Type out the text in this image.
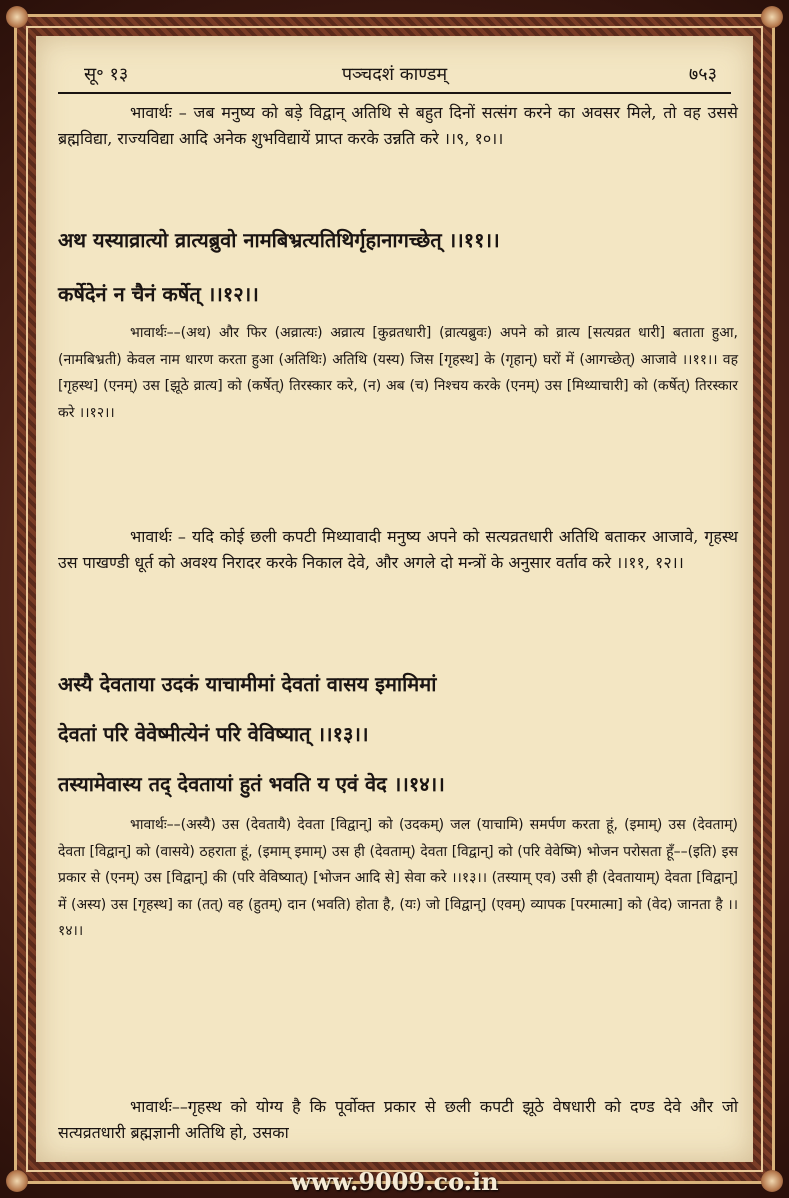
सू॰ १३	पञ्चदशं काण्डम्	७५३
भावार्थः – जब मनुष्य को बड़े विद्वान् अतिथि से बहुत दिनों सत्संग करने का अवसर मिले, तो वह उससे ब्रह्मविद्या, राज्यविद्या आदि अनेक शुभविद्यायें प्राप्त करके उन्नति करे ।।९, १०।।
अथ यस्याव्रात्यो व्रात्यब्रुवो नामबिभ्रत्यतिथिर्गृहानागच्छेत् ।।११।।
कर्षेदेनं न चैनं कर्षेत् ।।१२।।
भावार्थः––(अथ) और फिर (अव्रात्यः) अव्रात्य [कुव्रतधारी] (व्रात्यब्रुवः) अपने को व्रात्य [सत्यव्रत धारी] बताता हुआ, (नामबिभ्रती) केवल नाम धारण करता हुआ (अतिथिः) अतिथि (यस्य) जिस [गृहस्थ] के (गृहान्) घरों में (आगच्छेत्) आजावे ।।११।। वह [गृहस्थ] (एनम्) उस [झूठे व्रात्य] को (कर्षेत्) तिरस्कार करे, (न) अब (च) निश्चय करके (एनम्) उस [मिथ्याचारी] को (कर्षेत्) तिरस्कार करे ।।१२।।
भावार्थः – यदि कोई छली कपटी मिथ्यावादी मनुष्य अपने को सत्यव्रतधारी अतिथि बताकर आजावे, गृहस्थ उस पाखण्डी धूर्त को अवश्य निरादर करके निकाल देवे, और अगले दो मन्त्रों के अनुसार वर्ताव करे ।।११, १२।।
अस्यै देवताया उदकं याचामीमां देवतां वासय इमामिमां
देवतां परि वेवेष्मीत्येनं परि वेविष्यात् ।।१३।।
तस्यामेवास्य तद् देवतायां हुतं भवति य एवं वेद ।।१४।।
भावार्थः––(अस्यै) उस (देवतायै) देवता [विद्वान्] को (उदकम्) जल (याचामि) समर्पण करता हूं, (इमाम्) उस (देवताम्) देवता [विद्वान्] को (वासये) ठहराता हूं, (इमाम् इमाम्) उस ही (देवताम्) देवता [विद्वान्] को (परि वेवेष्मि) भोजन परोसता हूँ––(इति) इस प्रकार से (एनम्) उस [विद्वान्] की (परि वेविष्यात्) [भोजन आदि से] सेवा करे ।।१३।। (तस्याम् एव) उसी ही (देवतायाम्) देवता [विद्वान्] में (अस्य) उस [गृहस्थ] का (तत्) वह (हुतम्) दान (भवति) होता है, (यः) जो [विद्वान्] (एवम्) व्यापक [परमात्मा] को (वेद) जानता है ।।१४।।
भावार्थः––गृहस्थ को योग्य है कि पूर्वोक्त प्रकार से छली कपटी झूठे वेषधारी को दण्ड देवे और जो सत्यव्रतधारी ब्रह्मज्ञानी अतिथि हो, उसका
www.9009.co.in
